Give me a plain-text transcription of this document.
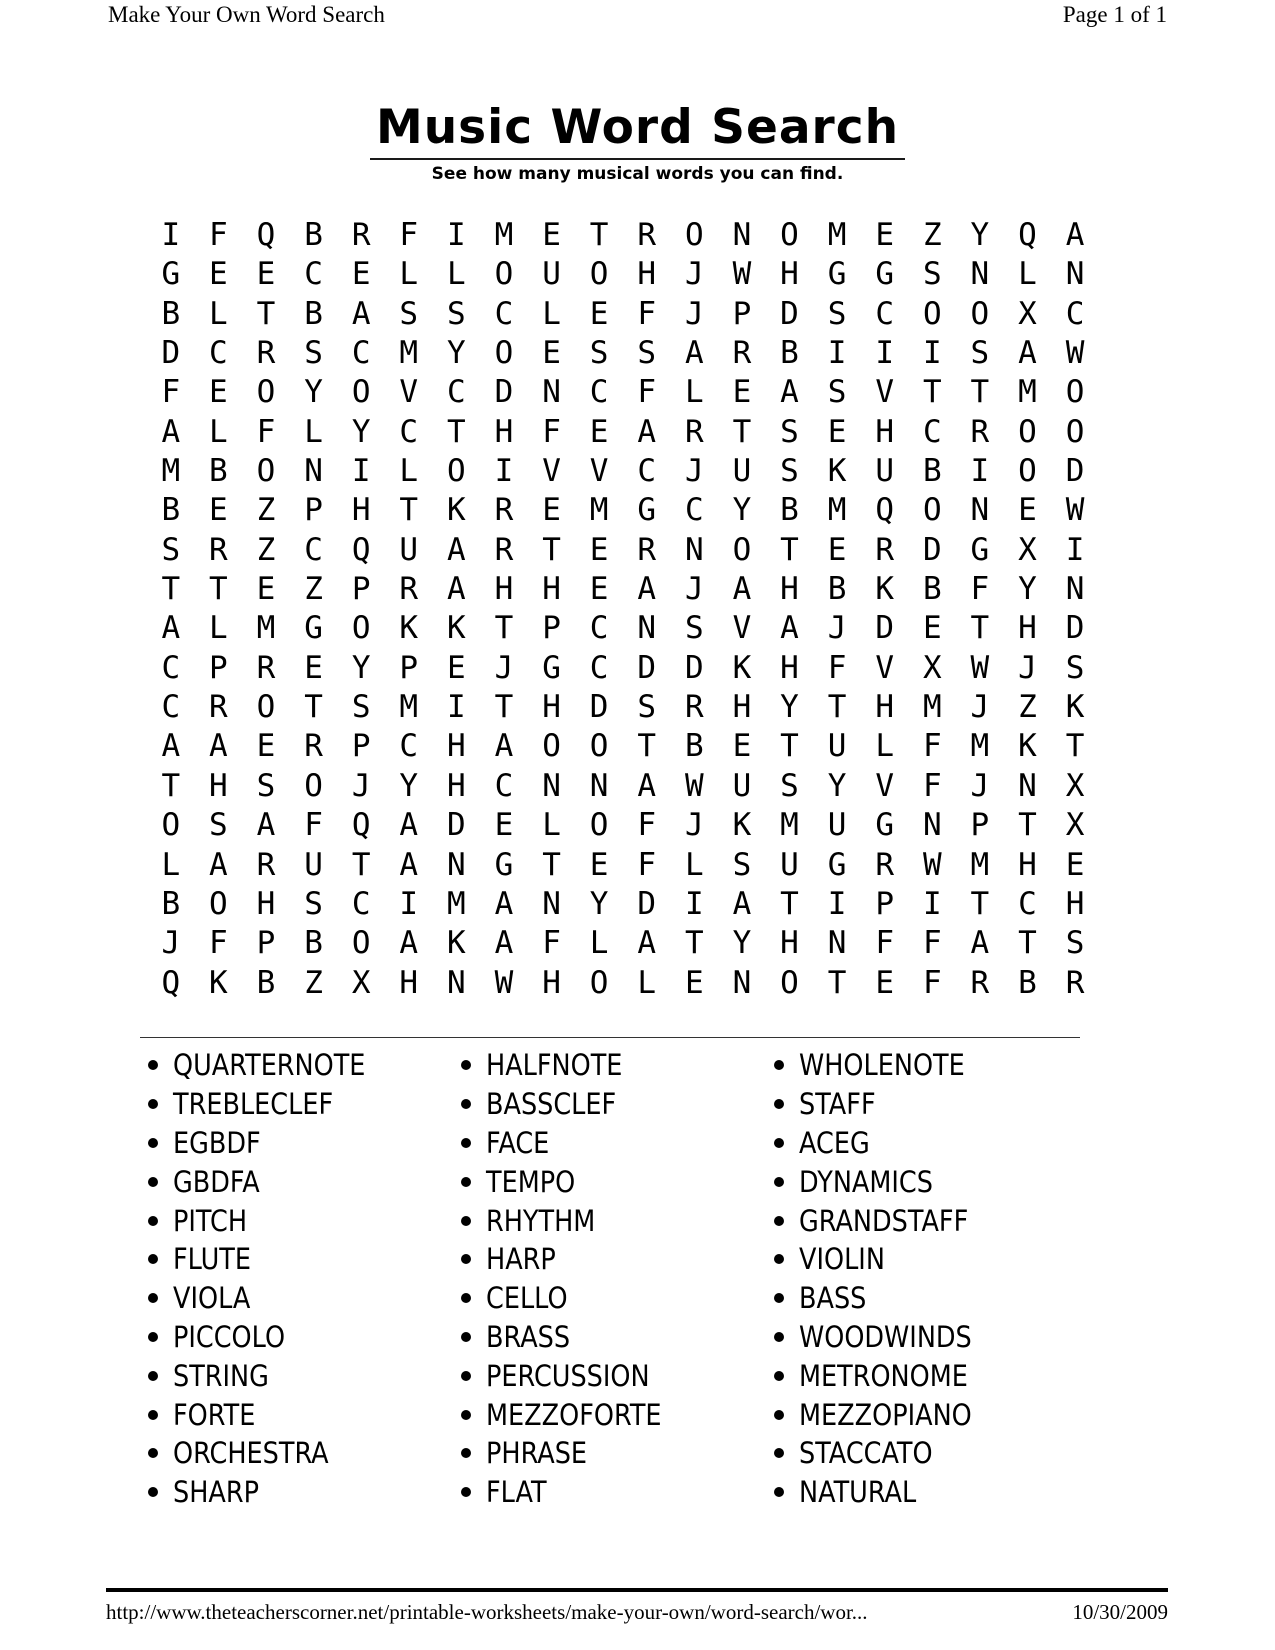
Make Your Own Word Search	Page 1 of 1
Music Word Search
See how many musical words you can find.
I F Q B R F I M E T R O N O M E Z Y Q A
G E E C E L L O U O H J W H G G S N L N
B L T B A S S C L E F J P D S C O O X C
D C R S C M Y O E S S A R B I I I S A W
F E O Y O V C D N C F L E A S V T T M O
A L F L Y C T H F E A R T S E H C R O O
M B O N I L O I V V C J U S K U B I O D
B E Z P H T K R E M G C Y B M Q O N E W
S R Z C Q U A R T E R N O T E R D G X I
T T E Z P R A H H E A J A H B K B F Y N
A L M G O K K T P C N S V A J D E T H D
C P R E Y P E J G C D D K H F V X W J S
C R O T S M I T H D S R H Y T H M J Z K
A A E R P C H A O O T B E T U L F M K T
T H S O J Y H C N N A W U S Y V F J N X
O S A F Q A D E L O F J K M U G N P T X
L A R U T A N G T E F L S U G R W M H E
B O H S C I M A N Y D I A T I P I T C H
J F P B O A K A F L A T Y H N F F A T S
Q K B Z X H N W H O L E N O T E F R B R
QUARTERNOTE
TREBLECLEF
EGBDF
GBDFA
PITCH
FLUTE
VIOLA
PICCOLO
STRING
FORTE
ORCHESTRA
SHARP
HALFNOTE
BASSCLEF
FACE
TEMPO
RHYTHM
HARP
CELLO
BRASS
PERCUSSION
MEZZOFORTE
PHRASE
FLAT
WHOLENOTE
STAFF
ACEG
DYNAMICS
GRANDSTAFF
VIOLIN
BASS
WOODWINDS
METRONOME
MEZZOPIANO
STACCATO
NATURAL
http://www.theteacherscorner.net/printable-worksheets/make-your-own/word-search/wor...	10/30/2009
